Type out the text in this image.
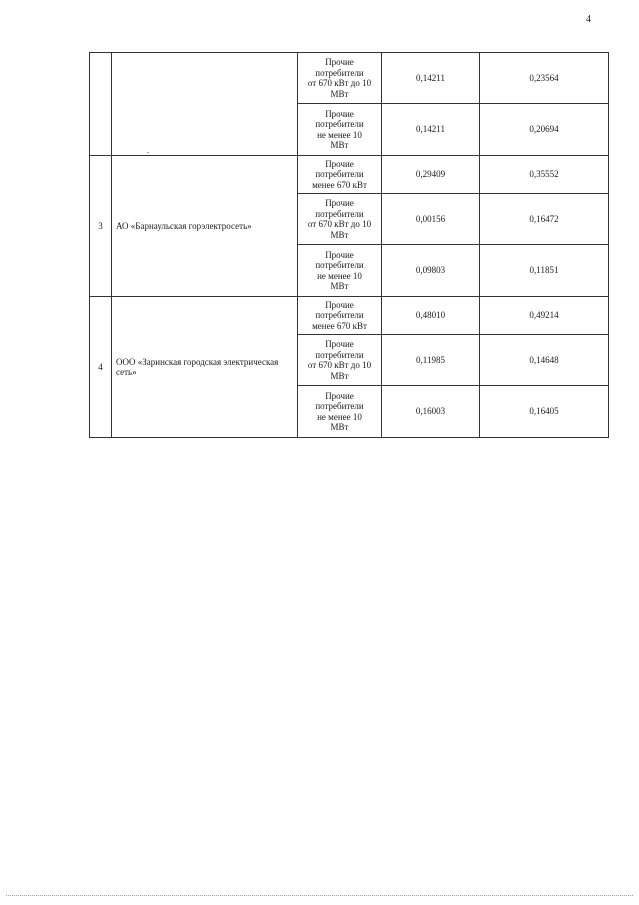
4
		Прочие
потребители
от 670 кВт до 10
МВт	0,14211	0,23564
		Прочие
потребители
не менее 10
МВт	0,14211	0,20694
3	АО «Барнаульская горэлектросеть»	Прочие
потребители
менее 670 кВт	0,29409	0,35552
		Прочие
потребители
от 670 кВт до 10
МВт	0,00156	0,16472
		Прочие
потребители
не менее 10
МВт	0,09803	0,11851
4	ООО «Заринская городская электрическая сеть»	Прочие
потребители
менее 670 кВт	0,48010	0,49214
		Прочие
потребители
от 670 кВт до 10
МВт	0,11985	0,14648
		Прочие
потребители
не менее 10
МВт	0,16003	0,16405
.
